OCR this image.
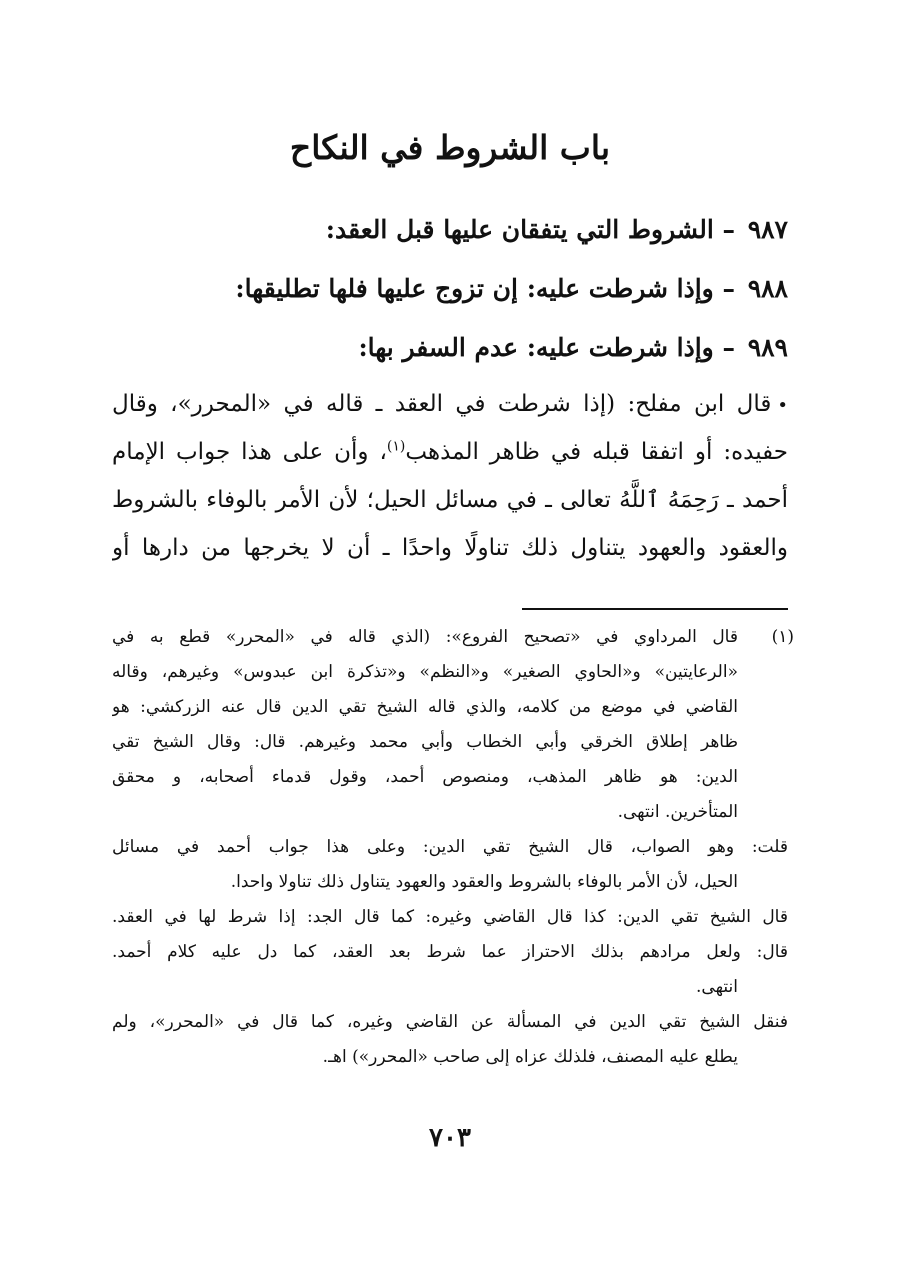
باب الشروط في النكاح
٩٨٧ – الشروط التي يتفقان عليها قبل العقد:
٩٨٨ – وإذا شرطت عليه: إن تزوج عليها فلها تطليقها:
٩٨٩ – وإذا شرطت عليه: عدم السفر بها:
•قال ابن مفلح: (إذا شرطت في العقد ـ قاله في «المحرر»، وقال
حفيده: أو اتفقا قبله في ظاهر المذهب$^{(١)}$، وأن على هذا جواب الإمام
أحمد ـ رَحِمَهُ ٱللَّهُ تعالى ـ في مسائل الحيل؛ لأن الأمر بالوفاء بالشروط
والعقود والعهود يتناول ذلك تناولًا واحدًا ـ أن لا يخرجها من دارها أو
(١)
قال المرداوي في «تصحيح الفروع»: (الذي قاله في «المحرر» قطع به في
«الرعايتين» و«الحاوي الصغير» و«النظم» و«تذكرة ابن عبدوس» وغيرهم، وقاله
القاضي في موضع من كلامه، والذي قاله الشيخ تقي الدين قال عنه الزركشي: هو
ظاهر إطلاق الخرقي وأبي الخطاب وأبي محمد وغيرهم. قال: وقال الشيخ تقي
الدين: هو ظاهر المذهب، ومنصوص أحمد، وقول قدماء أصحابه، و محقق
المتأخرين. انتهى.
قلت: وهو الصواب، قال الشيخ تقي الدين: وعلى هذا جواب أحمد في مسائل
الحيل، لأن الأمر بالوفاء بالشروط والعقود والعهود يتناول ذلك تناولا واحدا.
قال الشيخ تقي الدين: كذا قال القاضي وغيره: كما قال الجد: إذا شرط لها في العقد.
قال: ولعل مرادهم بذلك الاحتراز عما شرط بعد العقد، كما دل عليه كلام أحمد.
انتهى.
فنقل الشيخ تقي الدين في المسألة عن القاضي وغيره، كما قال في «المحرر»، ولم
يطلع عليه المصنف، فلذلك عزاه إلى صاحب «المحرر») اهـ.
٧٠٣
